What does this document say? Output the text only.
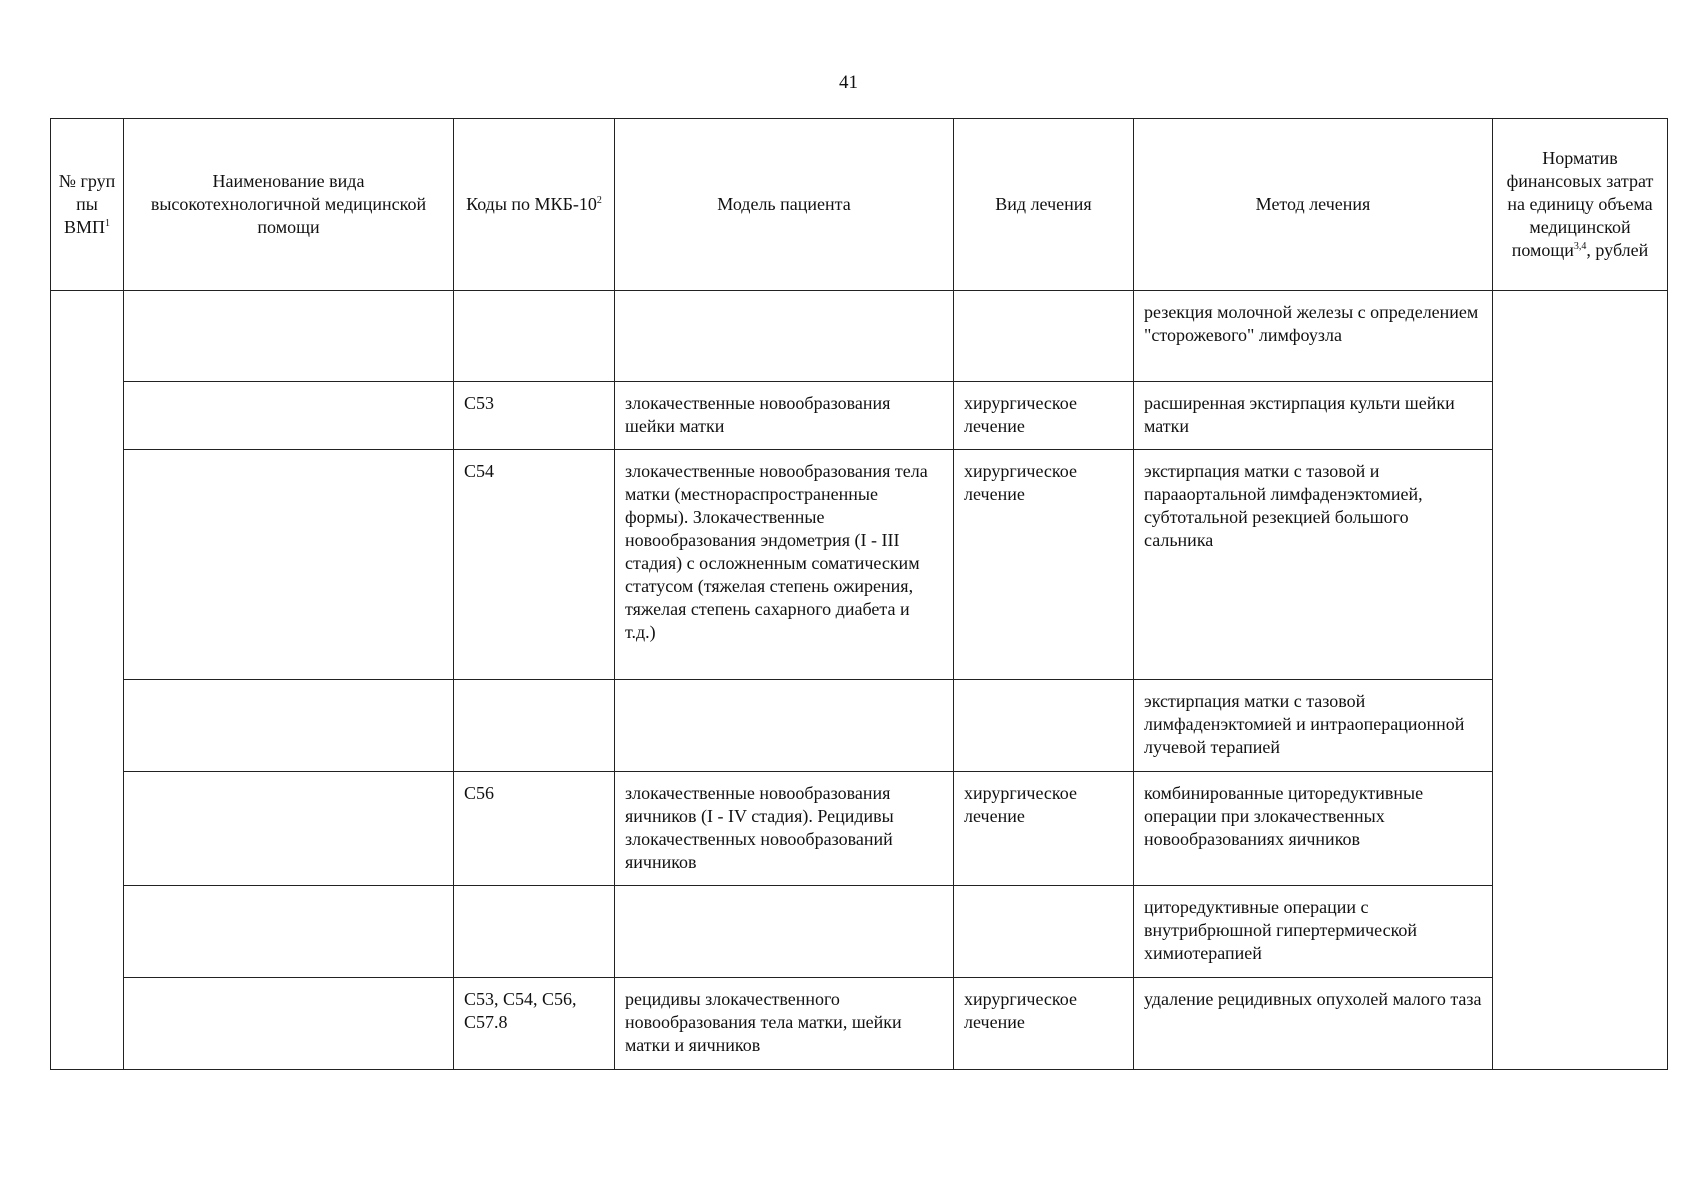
41
№ груп пы ВМП$^1$	Наименование вида высокотехнологичной медицинской помощи	Коды по МКБ-$10^2$	Модель пациента	Вид лечения	Метод лечения	Норматив финансовых затрат на единицу объема медицинской помощи$^{3,4}$, рублей
					резекция молочной железы с определением "сторожевого" лимфоузла	
		C53	злокачественные новообразования шейки матки	хирургическое лечение	расширенная экстирпация культи шейки матки	
		C54	злокачественные новообразования тела матки (местнораспространенные формы). Злокачественные новообразования эндометрия (I - III стадия) с осложненным соматическим статусом (тяжелая степень ожирения, тяжелая степень сахарного диабета и т.д.)	хирургическое лечение	экстирпация матки с тазовой и парааортальной лимфаденэктомией, субтотальной резекцией большого сальника	
					экстирпация матки с тазовой лимфаденэктомией и интраоперационной лучевой терапией	
		C56	злокачественные новообразования яичников (I - IV стадия). Рецидивы злокачественных новообразований яичников	хирургическое лечение	комбинированные циторедуктивные операции при злокачественных новообразованиях яичников	
					циторедуктивные операции с внутрибрюшной гипертермической химиотерапией	
		C53, C54, C56, C57.8	рецидивы злокачественного новообразования тела матки, шейки матки и яичников	хирургическое лечение	удаление рецидивных опухолей малого таза	
